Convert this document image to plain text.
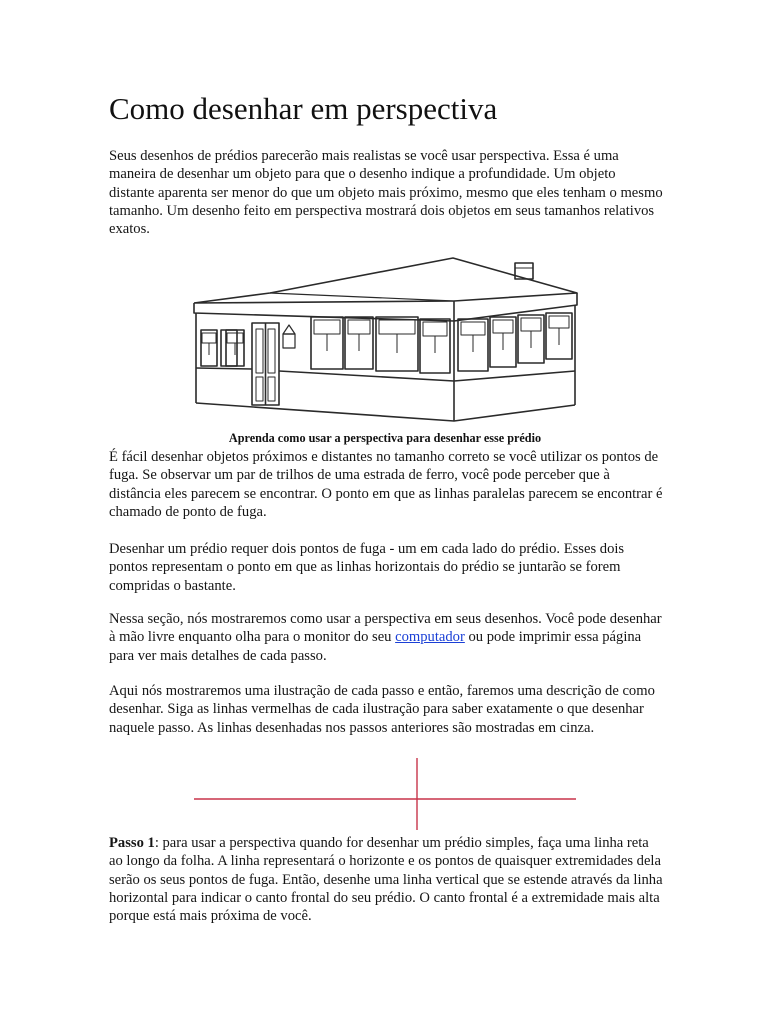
Como desenhar em perspectiva

Seus desenhos de prédios parecerão mais realistas se você usar perspectiva. Essa é uma maneira de desenhar um objeto para que o desenho indique a profundidade. Um objeto distante aparenta ser menor do que um objeto mais próximo, mesmo que eles tenham o mesmo tamanho. Um desenho feito em perspectiva mostrará dois objetos em seus tamanhos relativos exatos.

Aprenda como usar a perspectiva para desenhar esse prédio

É fácil desenhar objetos próximos e distantes no tamanho correto se você utilizar os pontos de fuga. Se observar um par de trilhos de uma estrada de ferro, você pode perceber que à distância eles parecem se encontrar. O ponto em que as linhas paralelas parecem se encontrar é chamado de ponto de fuga.

Desenhar um prédio requer dois pontos de fuga - um em cada lado do prédio. Esses dois pontos representam o ponto em que as linhas horizontais do prédio se juntarão se forem compridas o bastante.

Nessa seção, nós mostraremos como usar a perspectiva em seus desenhos. Você pode desenhar à mão livre enquanto olha para o monitor do seu computador ou pode imprimir essa página para ver mais detalhes de cada passo.

Aqui nós mostraremos uma ilustração de cada passo e então, faremos uma descrição de como desenhar. Siga as linhas vermelhas de cada ilustração para saber exatamente o que desenhar naquele passo. As linhas desenhadas nos passos anteriores são mostradas em cinza.

Passo 1: para usar a perspectiva quando for desenhar um prédio simples, faça uma linha reta ao longo da folha. A linha representará o horizonte e os pontos de quaisquer extremidades dela serão os seus pontos de fuga. Então, desenhe uma linha vertical que se estende através da linha horizontal para indicar o canto frontal do seu prédio. O canto frontal é a extremidade mais alta porque está mais próxima de você.
